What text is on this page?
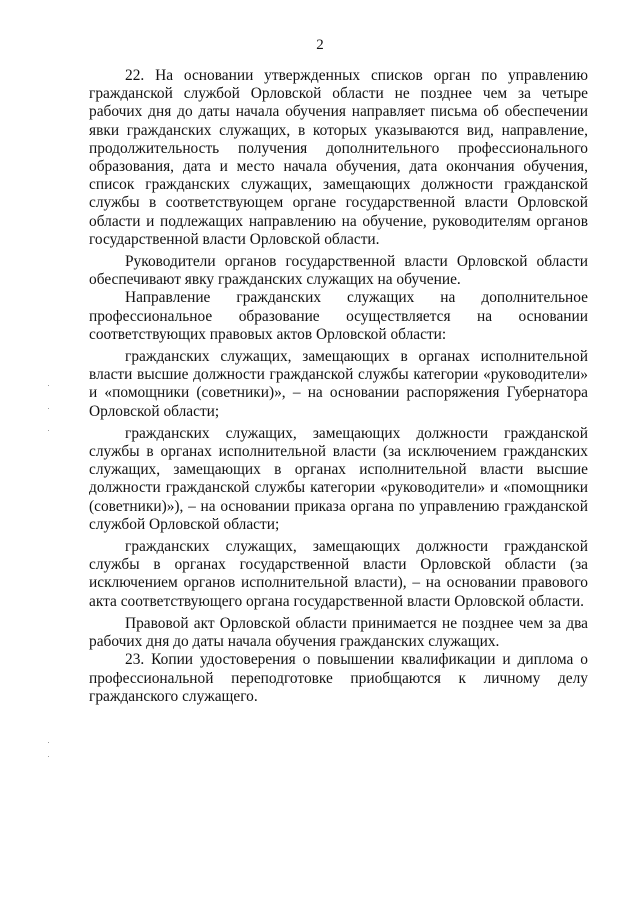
2

22. На основании утвержденных списков орган по управлению гражданской службой Орловской области не позднее чем за четыре рабочих дня до даты начала обучения направляет письма об обеспечении явки гражданских служащих, в которых указываются вид, направление, продолжительность получения дополнительного профессионального образования, дата и место начала обучения, дата окончания обучения, список гражданских служащих, замещающих должности гражданской службы в соответствующем органе государственной власти Орловской области и подлежащих направлению на обучение, руководителям органов государственной власти Орловской области.

Руководители органов государственной власти Орловской области обеспечивают явку гражданских служащих на обучение.

Направление гражданских служащих на дополнительное профессиональное образование осуществляется на основании соответствующих правовых актов Орловской области:

гражданских служащих, замещающих в органах исполнительной власти высшие должности гражданской службы категории «руководители» и «помощники (советники)», – на основании распоряжения Губернатора Орловской области;

гражданских служащих, замещающих должности гражданской службы в органах исполнительной власти (за исключением гражданских служащих, замещающих в органах исполнительной власти высшие должности гражданской службы категории «руководители» и «помощники (советники)»), – на основании приказа органа по управлению гражданской службой Орловской области;

гражданских служащих, замещающих должности гражданской службы в органах государственной власти Орловской области (за исключением органов исполнительной власти), – на основании правового акта соответствующего органа государственной власти Орловской области.

Правовой акт Орловской области принимается не позднее чем за два рабочих дня до даты начала обучения гражданских служащих.

23. Копии удостоверения о повышении квалификации и диплома о профессиональной переподготовке приобщаются к личному делу гражданского служащего.
